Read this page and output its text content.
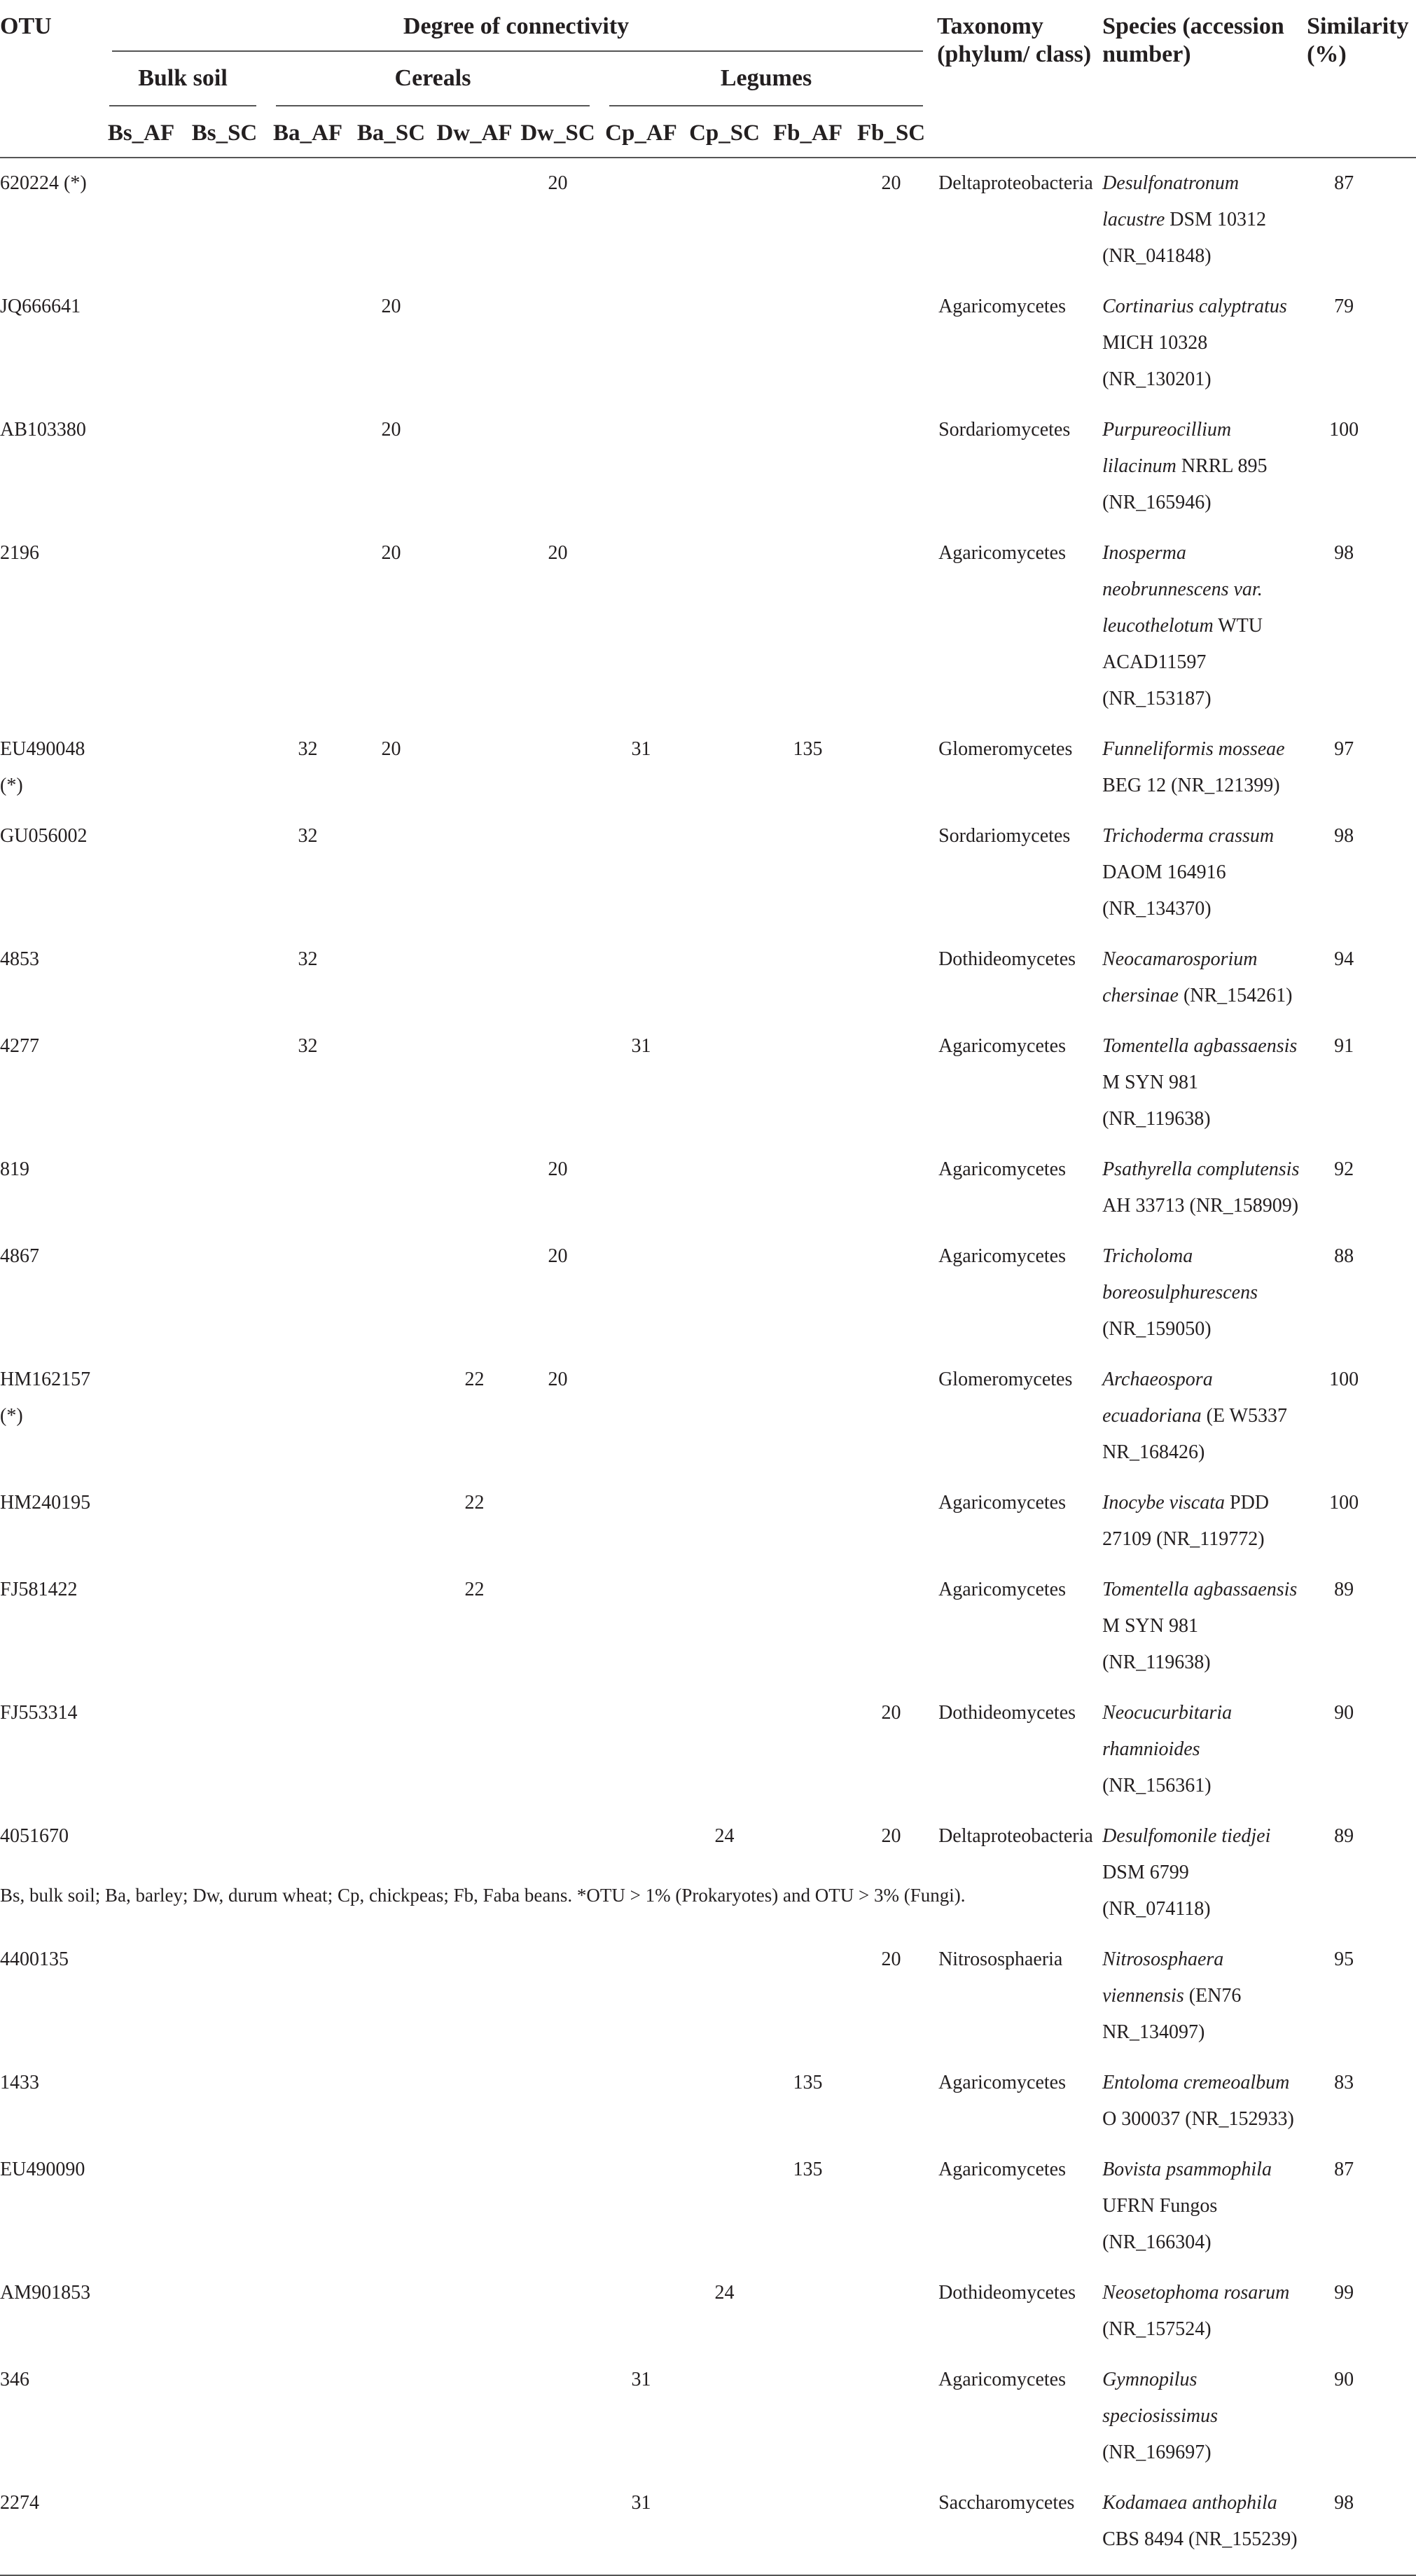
OTU	Degree of connectivity										Taxonomy (phylum/ class)	Species (accession number)	Similarity (%)

	Bulk soil		Cereals				Legumes						

	Bs_AF	Bs_SC	Ba_AF	Ba_SC	Dw_AF	Dw_SC	Cp_AF	Cp_SC	Fb_AF	Fb_SC			
620224 (*)						20				20	Deltaproteobacteria	Desulfonatronum lacustre DSM 10312 (NR_041848)	87
JQ666641				20							Agaricomycetes	Cortinarius calyptratus MICH 10328 (NR_130201)	79
AB103380				20							Sordariomycetes	Purpureocillium lilacinum NRRL 895 (NR_165946)	100
2196				20		20					Agaricomycetes	Inosperma neobrunnescens var. leucothelotum WTU ACAD11597 (NR_153187)	98
EU490048 (*)			32	20			31		135		Glomeromycetes	Funneliformis mosseae BEG 12 (NR_121399)	97
GU056002			32								Sordariomycetes	Trichoderma crassum DAOM 164916 (NR_134370)	98
4853			32								Dothideomycetes	Neocamarosporium chersinae (NR_154261)	94
4277			32				31				Agaricomycetes	Tomentella agbassaensis M SYN 981 (NR_119638)	91
819						20					Agaricomycetes	Psathyrella complutensis AH 33713 (NR_158909)	92
4867						20					Agaricomycetes	Tricholoma boreosulphurescens (NR_159050)	88
HM162157 (*)					22	20					Glomeromycetes	Archaeospora ecuadoriana (E W5337 NR_168426)	100
HM240195					22						Agaricomycetes	Inocybe viscata PDD 27109 (NR_119772)	100
FJ581422					22						Agaricomycetes	Tomentella agbassaensis M SYN 981 (NR_119638)	89
FJ553314										20	Dothideomycetes	Neocucurbitaria rhamnioides (NR_156361)	90
4051670								24		20	Deltaproteobacteria	Desulfomonile tiedjei DSM 6799 (NR_074118)	89
4400135										20	Nitrososphaeria	Nitrososphaera viennensis (EN76 NR_134097)	95
1433									135		Agaricomycetes	Entoloma cremeoalbum O 300037 (NR_152933)	83
EU490090									135		Agaricomycetes	Bovista psammophila UFRN Fungos (NR_166304)	87
AM901853								24			Dothideomycetes	Neosetophoma rosarum (NR_157524)	99
346							31				Agaricomycetes	Gymnopilus speciosissimus (NR_169697)	90
2274							31				Saccharomycetes	Kodamaea anthophila CBS 8494 (NR_155239)	98
Bs, bulk soil; Ba, barley; Dw, durum wheat; Cp, chickpeas; Fb, Faba beans. *OTU > 1% (Prokaryotes) and OTU > 3% (Fungi).
